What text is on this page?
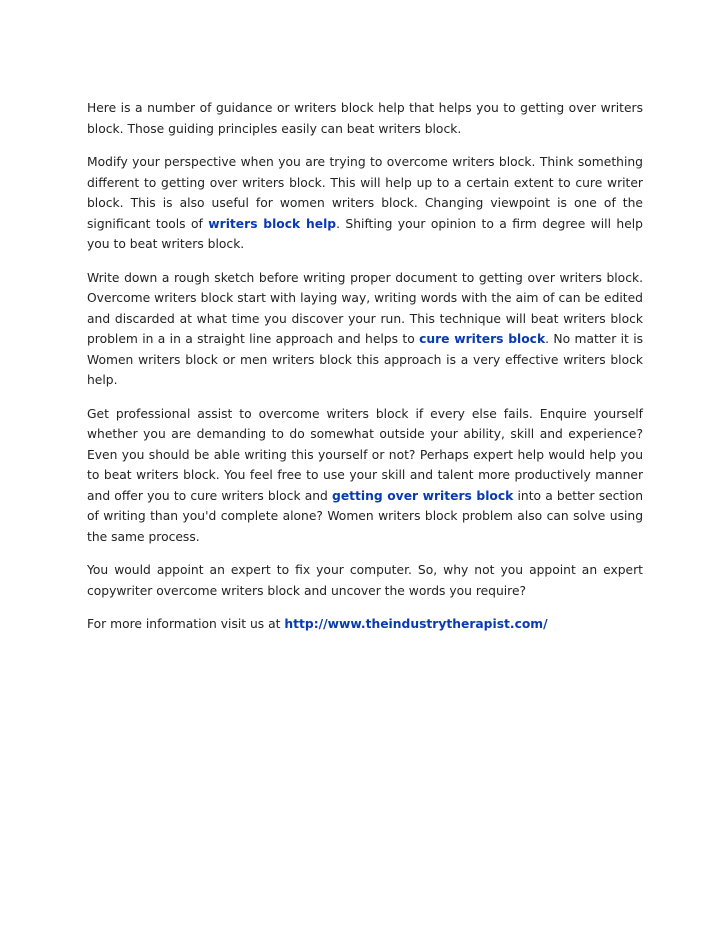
Here is a number of guidance or writers block help that helps you to getting over writers block. Those guiding principles easily can beat writers block.

Modify your perspective when you are trying to overcome writers block. Think something different to getting over writers block. This will help up to a certain extent to cure writer block. This is also useful for women writers block. Changing viewpoint is one of the significant tools of writers block help. Shifting your opinion to a firm degree will help you to beat writers block.

Write down a rough sketch before writing proper document to getting over writers block. Overcome writers block start with laying way, writing words with the aim of can be edited and discarded at what time you discover your run. This technique will beat writers block problem in a in a straight line approach and helps to cure writers block. No matter it is Women writers block or men writers block this approach is a very effective writers block help.

Get professional assist to overcome writers block if every else fails. Enquire yourself whether you are demanding to do somewhat outside your ability, skill and experience? Even you should be able writing this yourself or not? Perhaps expert help would help you to beat writers block. You feel free to use your skill and talent more productively manner and offer you to cure writers block and getting over writers block into a better section of writing than you'd complete alone? Women writers block problem also can solve using the same process.

You would appoint an expert to fix your computer. So, why not you appoint an expert copywriter overcome writers block and uncover the words you require?

For more information visit us at http://www.theindustrytherapist.com/
